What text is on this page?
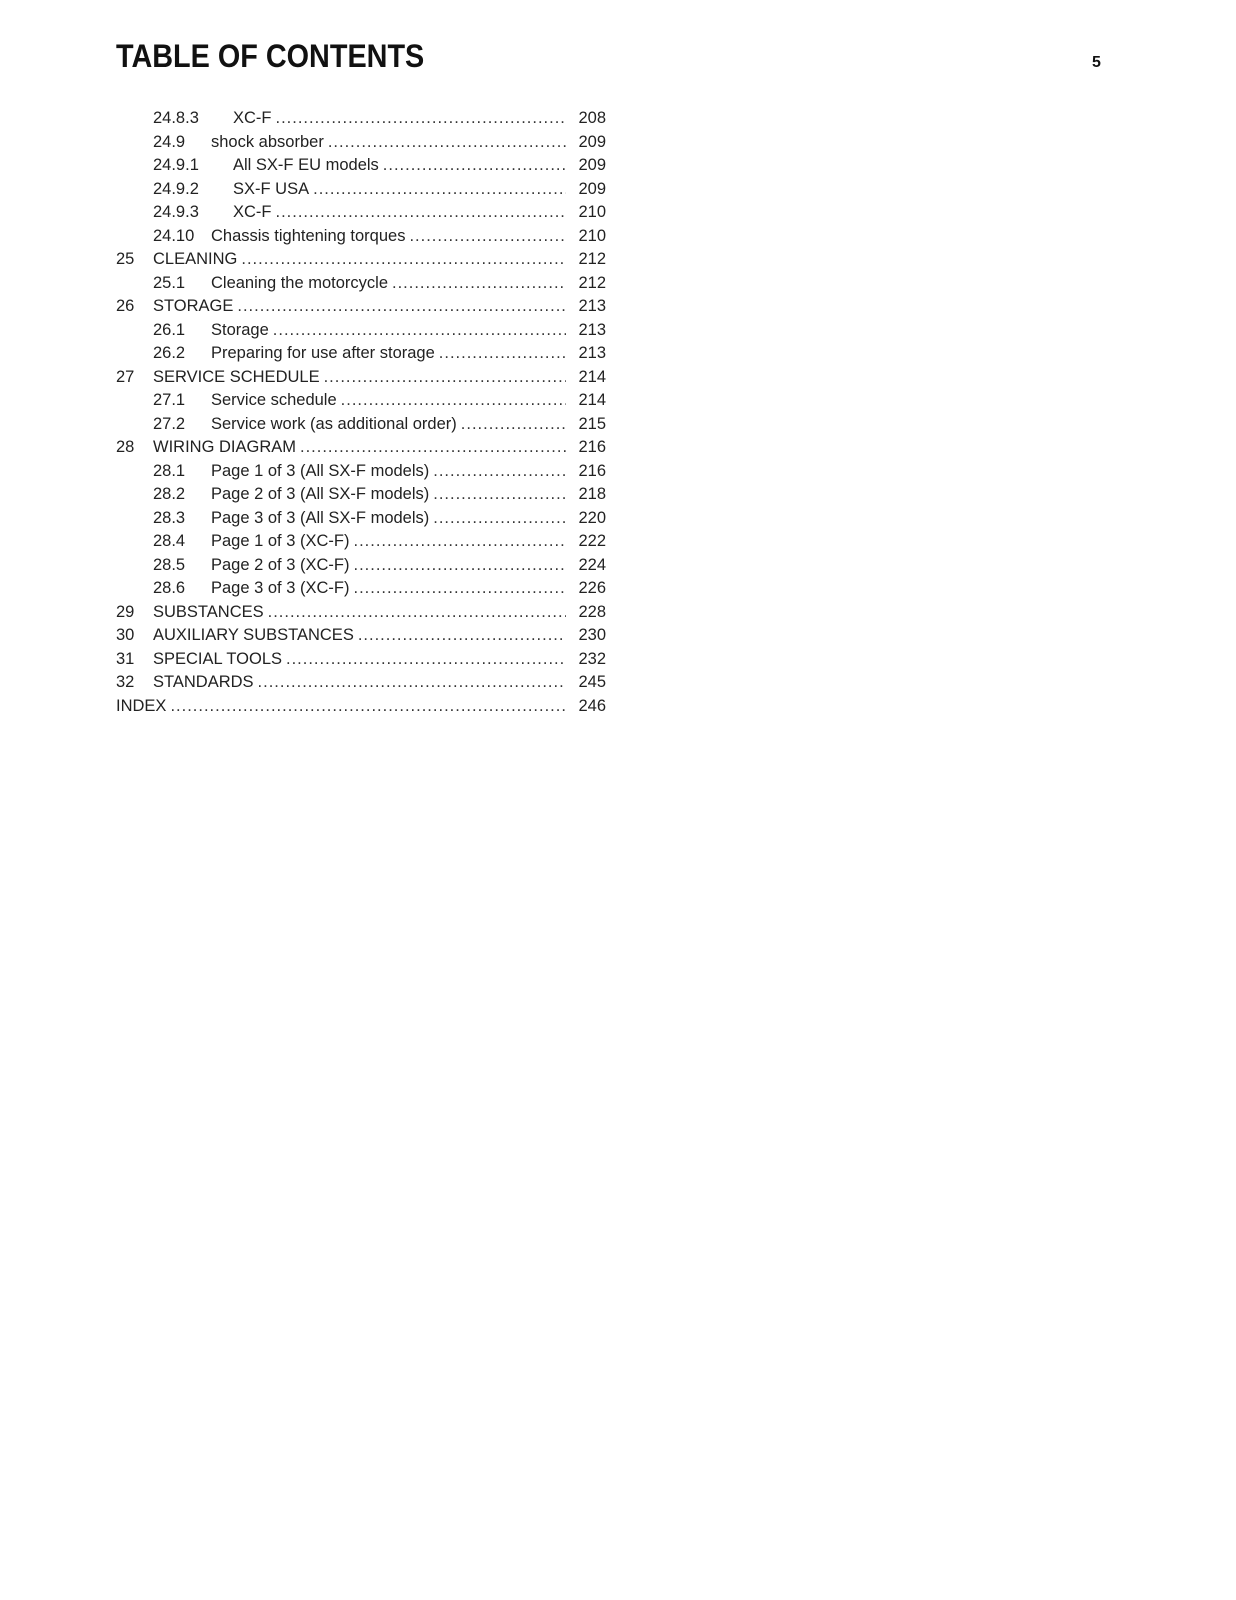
TABLE OF CONTENTS	5
24.8.3	XC-F .....	208
24.9	shock absorber .....	209
24.9.1	All SX-F EU models .....	209
24.9.2	SX-F USA .....	209
24.9.3	XC-F .....	210
24.10	Chassis tightening torques .....	210
25	CLEANING .....	212
25.1	Cleaning the motorcycle .....	212
26	STORAGE .....	213
26.1	Storage .....	213
26.2	Preparing for use after storage .....	213
27	SERVICE SCHEDULE .....	214
27.1	Service schedule .....	214
27.2	Service work (as additional order) .....	215
28	WIRING DIAGRAM .....	216
28.1	Page 1 of 3 (All SX-F models) .....	216
28.2	Page 2 of 3 (All SX-F models) .....	218
28.3	Page 3 of 3 (All SX-F models) .....	220
28.4	Page 1 of 3 (XC-F) .....	222
28.5	Page 2 of 3 (XC-F) .....	224
28.6	Page 3 of 3 (XC-F) .....	226
29	SUBSTANCES .....	228
30	AUXILIARY SUBSTANCES .....	230
31	SPECIAL TOOLS .....	232
32	STANDARDS .....	245
INDEX .....	246
